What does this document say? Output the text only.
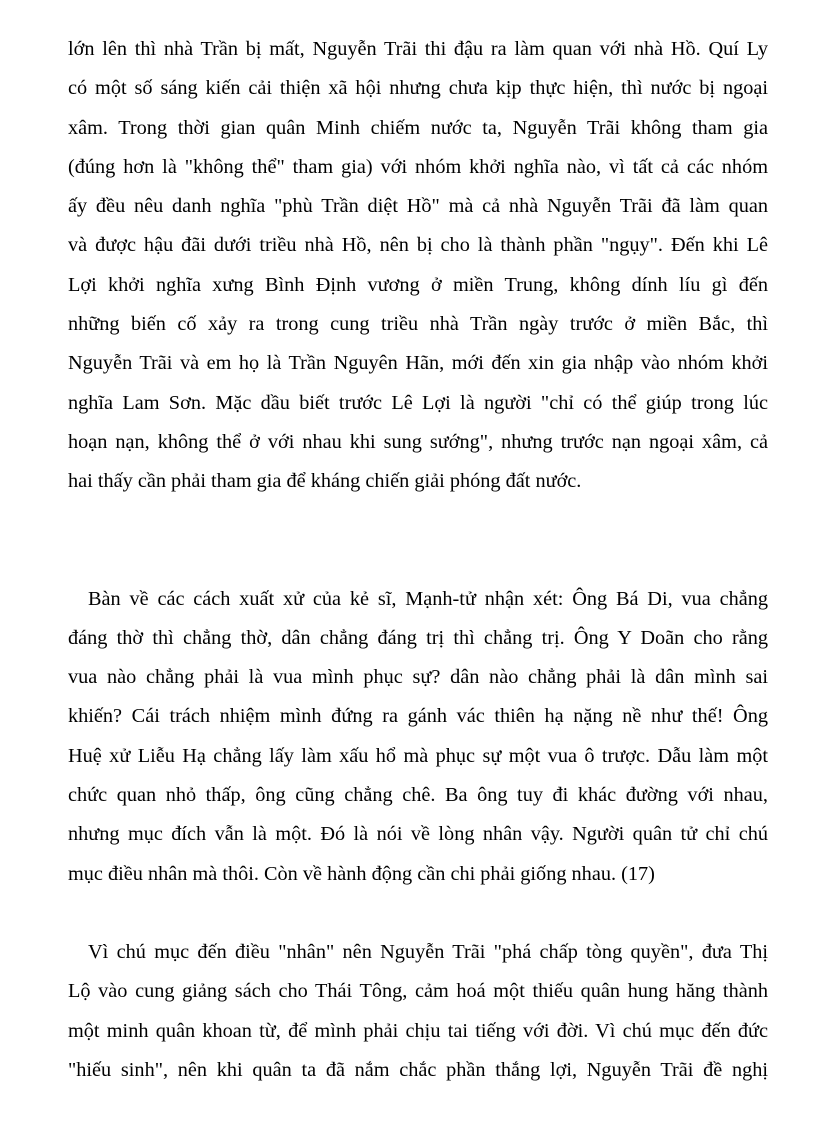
lớn lên thì nhà Trần bị mất, Nguyễn Trãi thi đậu ra làm quan với nhà Hồ. Quí Ly
có một số sáng kiến cải thiện xã hội nhưng chưa kịp thực hiện, thì nước bị ngoại
xâm. Trong thời gian quân Minh chiếm nước ta, Nguyễn Trãi không tham gia
(đúng hơn là "không thể" tham gia) với nhóm khởi nghĩa nào, vì tất cả các nhóm
ấy đều nêu danh nghĩa "phù Trần diệt Hồ" mà cả nhà Nguyễn Trãi đã làm quan
và được hậu đãi dưới triều nhà Hồ, nên bị cho là thành phần "ngụy". Đến khi Lê
Lợi khởi nghĩa xưng Bình Định vương ở miền Trung, không dính líu gì đến
những biến cố xảy ra trong cung triều nhà Trần ngày trước ở miền Bắc, thì
Nguyễn Trãi và em họ là Trần Nguyên Hãn, mới đến xin gia nhập vào nhóm khởi
nghĩa Lam Sơn. Mặc dầu biết trước Lê Lợi là người "chỉ có thể giúp trong lúc
hoạn nạn, không thể ở với nhau khi sung sướng", nhưng trước nạn ngoại xâm, cả
hai thấy cần phải tham gia để kháng chiến giải phóng đất nước.
Bàn về các cách xuất xử của kẻ sĩ, Mạnh-tử nhận xét: Ông Bá Di, vua chẳng
đáng thờ thì chẳng thờ, dân chẳng đáng trị thì chẳng trị. Ông Y Doãn cho rằng
vua nào chẳng phải là vua mình phục sự? dân nào chẳng phải là dân mình sai
khiến? Cái trách nhiệm mình đứng ra gánh vác thiên hạ nặng nề như thế! Ông
Huệ xử Liễu Hạ chẳng lấy làm xấu hổ mà phục sự một vua ô trược. Dẫu làm một
chức quan nhỏ thấp, ông cũng chẳng chê. Ba ông tuy đi khác đường với nhau,
nhưng mục đích vẫn là một. Đó là nói về lòng nhân vậy. Người quân tử chỉ chú
mục điều nhân mà thôi. Còn về hành động cần chi phải giống nhau. (17)
Vì chú mục đến điều "nhân" nên Nguyễn Trãi "phá chấp tòng quyền", đưa Thị
Lộ vào cung giảng sách cho Thái Tông, cảm hoá một thiếu quân hung hăng thành
một minh quân khoan từ, để mình phải chịu tai tiếng với đời. Vì chú mục đến đức
"hiếu sinh", nên khi quân ta đã nắm chắc phần thắng lợi, Nguyễn Trãi đề nghị
